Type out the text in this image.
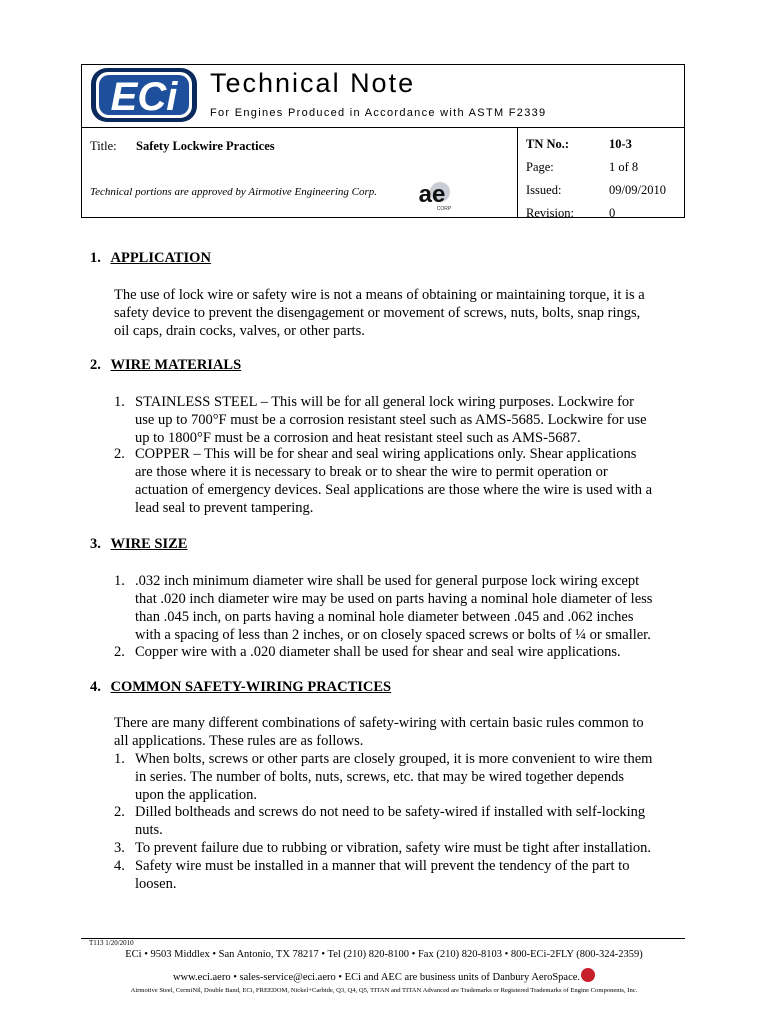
ECi Technical Note
For Engines Produced in Accordance with ASTM F2339
Title: Safety Lockwire Practices
Technical portions are approved by Airmotive Engineering Corp. ae
CORP
TN No.:	10-3
Page:	1 of 8
Issued:	09/09/2010
Revision:	0
1. APPLICATION
The use of lock wire or safety wire is not a means of obtaining or maintaining torque, it is a
safety device to prevent the disengagement or movement of screws, nuts, bolts, snap rings,
oil caps, drain cocks, valves, or other parts.
2. WIRE MATERIALS
1. STAINLESS STEEL – This will be for all general lock wiring purposes. Lockwire for
use up to 700°F must be a corrosion resistant steel such as AMS-5685. Lockwire for use
up to 1800°F must be a corrosion and heat resistant steel such as AMS-5687.
2. COPPER – This will be for shear and seal wiring applications only. Shear applications
are those where it is necessary to break or to shear the wire to permit operation or
actuation of emergency devices. Seal applications are those where the wire is used with a
lead seal to prevent tampering.
3. WIRE SIZE
1. .032 inch minimum diameter wire shall be used for general purpose lock wiring except
that .020 inch diameter wire may be used on parts having a nominal hole diameter of less
than .045 inch, on parts having a nominal hole diameter between .045 and .062 inches
with a spacing of less than 2 inches, or on closely spaced screws or bolts of ¼ or smaller.
2. Copper wire with a .020 diameter shall be used for shear and seal wire applications.
4. COMMON SAFETY-WIRING PRACTICES
There are many different combinations of safety-wiring with certain basic rules common to
all applications. These rules are as follows.
1. When bolts, screws or other parts are closely grouped, it is more convenient to wire them
in series. The number of bolts, nuts, screws, etc. that may be wired together depends
upon the application.
2. Dilled boltheads and screws do not need to be safety-wired if installed with self-locking
nuts.
3. To prevent failure due to rubbing or vibration, safety wire must be tight after installation.
4. Safety wire must be installed in a manner that will prevent the tendency of the part to
loosen.
T113 1/20/2010
ECi • 9503 Middlex • San Antonio, TX 78217 • Tel (210) 820-8100 • Fax (210) 820-8103 • 800-ECi-2FLY (800-324-2359)
www.eci.aero • sales-service@eci.aero • ECi and AEC are business units of Danbury AeroSpace.
Airmotive Steel, CermiNil, Double Band, ECi, FREEDOM, Nickel+Carbide, Q3, Q4, Q5, TITAN and TITAN Advanced are Trademarks or Registered Trademarks of Engine Components, Inc.
